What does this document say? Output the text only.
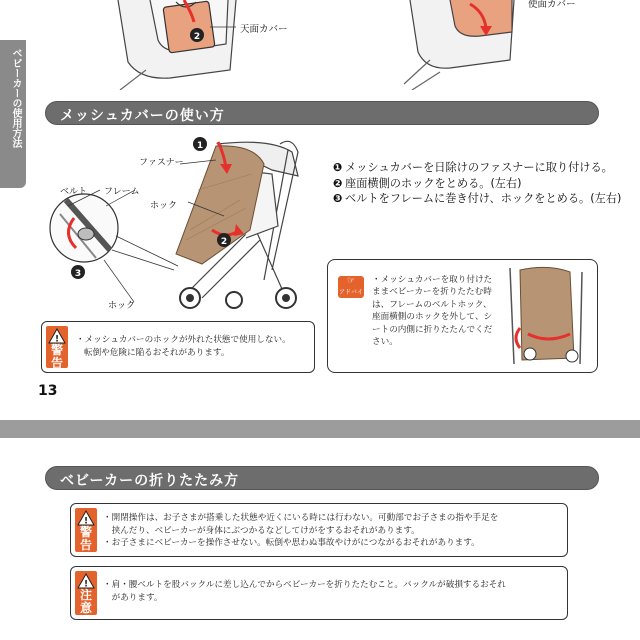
2
天面カバー
使面カバー
ベビーカーの使用方法	メッシュカバーの使い方
1
2
3
ファスナー
ベルト フレーム
ホック
ホック
❶ メッシュカバーを日除けのファスナーに取り付ける。
❷ 座面横側のホックをとめる。(左右)
❸ ベルトをフレームに巻き付け、ホックをとめる。(左右)
☞
アドバイス
・メッシュカバーを取り付けたままベビーカーを折りたたむ時は、フレームのベルトホック、座面横側のホックを外して、シートの内側に折りたたんでください。
!
警告
・メッシュカバーのホックが外れた状態で使用しない。
転倒や危険に陥るおそれがあります。
13
ベビーカーの折りたたみ方
!
警告
・開閉操作は、お子さまが搭乗した状態や近くにいる時には行わない。可動部でお子さまの指や手足を
　挟んだり、ベビーカーが身体にぶつかるなどしてけがをするおそれがあります。
・お子さまにベビーカーを操作させない。転倒や思わぬ事故やけがにつながるおそれがあります。
!
注意
・肩・腰ベルトを股バックルに差し込んでからベビーカーを折りたたむこと。バックルが破損するおそれ
　があります。
